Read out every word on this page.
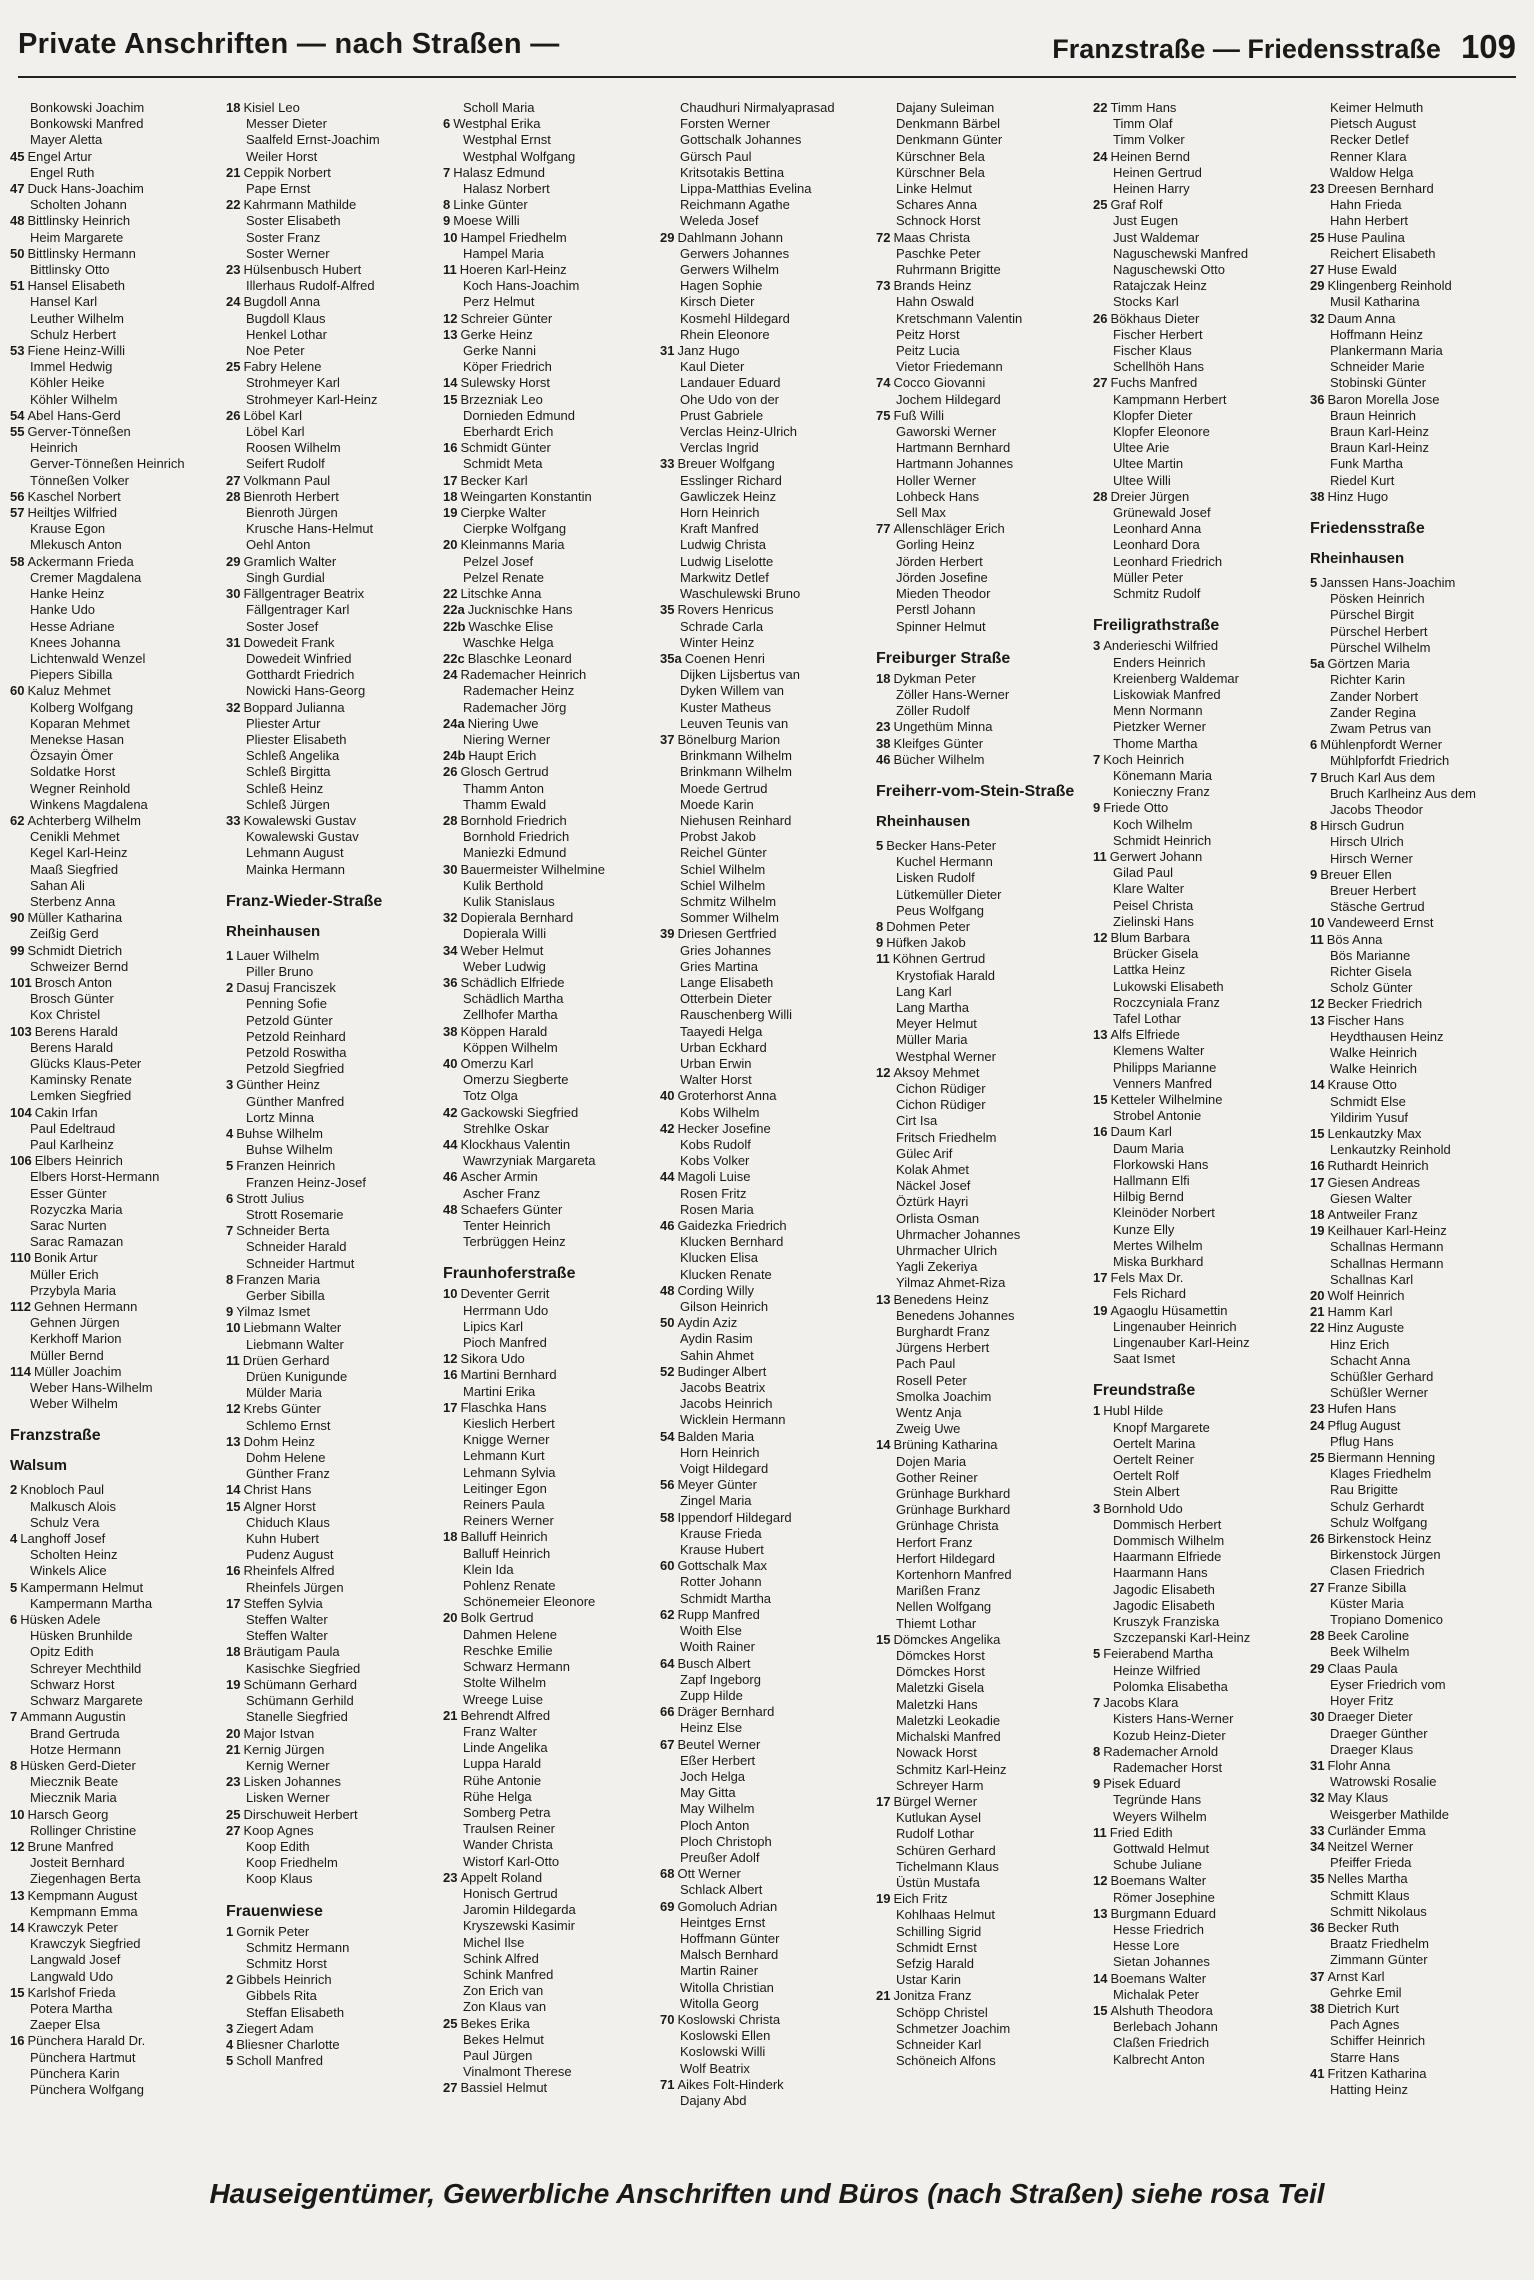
Private Anschriften — nach Straßen —	Franzstraße — Friedensstraße 109
Bonkowski Joachim
Bonkowski Manfred
Mayer Aletta
45 Engel Artur
Engel Ruth
47 Duck Hans-Joachim
Scholten Johann
48 Bittlinsky Heinrich
Heim Margarete
50 Bittlinsky Hermann
Bittlinsky Otto
51 Hansel Elisabeth
Hansel Karl
Leuther Wilhelm
Schulz Herbert
53 Fiene Heinz-Willi
Immel Hedwig
Köhler Heike
Köhler Wilhelm
54 Abel Hans-Gerd
55 Gerver-Tönneßen
Heinrich
Gerver-Tönneßen Heinrich
Tönneßen Volker
56 Kaschel Norbert
57 Heiltjes Wilfried
Krause Egon
Mlekusch Anton
58 Ackermann Frieda
Cremer Magdalena
Hanke Heinz
Hanke Udo
Hesse Adriane
Knees Johanna
Lichtenwald Wenzel
Piepers Sibilla
60 Kaluz Mehmet
Kolberg Wolfgang
Koparan Mehmet
Menekse Hasan
Özsayin Ömer
Soldatke Horst
Wegner Reinhold
Winkens Magdalena
62 Achterberg Wilhelm
Cenikli Mehmet
Kegel Karl-Heinz
Maaß Siegfried
Sahan Ali
Sterbenz Anna
90 Müller Katharina
Zeißig Gerd
99 Schmidt Dietrich
Schweizer Bernd
101 Brosch Anton
Brosch Günter
Kox Christel
103 Berens Harald
Berens Harald
Glücks Klaus-Peter
Kaminsky Renate
Lemken Siegfried
104 Cakin Irfan
Paul Edeltraud
Paul Karlheinz
106 Elbers Heinrich
Elbers Horst-Hermann
Esser Günter
Rozyczka Maria
Sarac Nurten
Sarac Ramazan
110 Bonik Artur
Müller Erich
Przybyla Maria
112 Gehnen Hermann
Gehnen Jürgen
Kerkhoff Marion
Müller Bernd
114 Müller Joachim
Weber Hans-Wilhelm
Weber Wilhelm
Franzstraße
Walsum
2 Knobloch Paul
Malkusch Alois
Schulz Vera
4 Langhoff Josef
Scholten Heinz
Winkels Alice
5 Kampermann Helmut
Kampermann Martha
6 Hüsken Adele
Hüsken Brunhilde
Opitz Edith
Schreyer Mechthild
Schwarz Horst
Schwarz Margarete
7 Ammann Augustin
Brand Gertruda
Hotze Hermann
8 Hüsken Gerd-Dieter
Miecznik Beate
Miecznik Maria
10 Harsch Georg
Rollinger Christine
12 Brune Manfred
Josteit Bernhard
Ziegenhagen Berta
13 Kempmann August
Kempmann Emma
14 Krawczyk Peter
Krawczyk Siegfried
Langwald Josef
Langwald Udo
15 Karlshof Frieda
Potera Martha
Zaeper Elsa
16 Pünchera Harald Dr.
Pünchera Hartmut
Pünchera Karin
Pünchera Wolfgang
18 Kisiel Leo
Messer Dieter
Saalfeld Ernst-Joachim
Weiler Horst
21 Ceppik Norbert
Pape Ernst
22 Kahrmann Mathilde
Soster Elisabeth
Soster Franz
Soster Werner
23 Hülsenbusch Hubert
Illerhaus Rudolf-Alfred
24 Bugdoll Anna
Bugdoll Klaus
Henkel Lothar
Noe Peter
25 Fabry Helene
Strohmeyer Karl
Strohmeyer Karl-Heinz
26 Löbel Karl
Löbel Karl
Roosen Wilhelm
Seifert Rudolf
27 Volkmann Paul
28 Bienroth Herbert
Bienroth Jürgen
Krusche Hans-Helmut
Oehl Anton
29 Gramlich Walter
Singh Gurdial
30 Fällgentrager Beatrix
Fällgentrager Karl
Soster Josef
31 Dowedeit Frank
Dowedeit Winfried
Gotthardt Friedrich
Nowicki Hans-Georg
32 Boppard Julianna
Pliester Artur
Pliester Elisabeth
Schleß Angelika
Schleß Birgitta
Schleß Heinz
Schleß Jürgen
33 Kowalewski Gustav
Kowalewski Gustav
Lehmann August
Mainka Hermann
Franz-Wieder-Straße
Rheinhausen
1 Lauer Wilhelm
Piller Bruno
2 Dasuj Franciszek
Penning Sofie
Petzold Günter
Petzold Reinhard
Petzold Roswitha
Petzold Siegfried
3 Günther Heinz
Günther Manfred
Lortz Minna
4 Buhse Wilhelm
Buhse Wilhelm
5 Franzen Heinrich
Franzen Heinz-Josef
6 Strott Julius
Strott Rosemarie
7 Schneider Berta
Schneider Harald
Schneider Hartmut
8 Franzen Maria
Gerber Sibilla
9 Yilmaz Ismet
10 Liebmann Walter
Liebmann Walter
11 Drüen Gerhard
Drüen Kunigunde
Mülder Maria
12 Krebs Günter
Schlemo Ernst
13 Dohm Heinz
Dohm Helene
Günther Franz
14 Christ Hans
15 Algner Horst
Chiduch Klaus
Kuhn Hubert
Pudenz August
16 Rheinfels Alfred
Rheinfels Jürgen
17 Steffen Sylvia
Steffen Walter
Steffen Walter
18 Bräutigam Paula
Kasischke Siegfried
19 Schümann Gerhard
Schümann Gerhild
Stanelle Siegfried
20 Major Istvan
21 Kernig Jürgen
Kernig Werner
23 Lisken Johannes
Lisken Werner
25 Dirschuweit Herbert
27 Koop Agnes
Koop Edith
Koop Friedhelm
Koop Klaus
Frauenwiese
1 Gornik Peter
Schmitz Hermann
Schmitz Horst
2 Gibbels Heinrich
Gibbels Rita
Steffan Elisabeth
3 Ziegert Adam
4 Bliesner Charlotte
5 Scholl Manfred
Scholl Maria
6 Westphal Erika
Westphal Ernst
Westphal Wolfgang
7 Halasz Edmund
Halasz Norbert
8 Linke Günter
9 Moese Willi
10 Hampel Friedhelm
Hampel Maria
11 Hoeren Karl-Heinz
Koch Hans-Joachim
Perz Helmut
12 Schreier Günter
13 Gerke Heinz
Gerke Nanni
Köper Friedrich
14 Sulewsky Horst
15 Brzezniak Leo
Dornieden Edmund
Eberhardt Erich
16 Schmidt Günter
Schmidt Meta
17 Becker Karl
18 Weingarten Konstantin
19 Cierpke Walter
Cierpke Wolfgang
20 Kleinmanns Maria
Pelzel Josef
Pelzel Renate
22 Litschke Anna
22a Jucknischke Hans
22b Waschke Elise
Waschke Helga
22c Blaschke Leonard
24 Rademacher Heinrich
Rademacher Heinz
Rademacher Jörg
24a Niering Uwe
Niering Werner
24b Haupt Erich
26 Glosch Gertrud
Thamm Anton
Thamm Ewald
28 Bornhold Friedrich
Bornhold Friedrich
Maniezki Edmund
30 Bauermeister Wilhelmine
Kulik Berthold
Kulik Stanislaus
32 Dopierala Bernhard
Dopierala Willi
34 Weber Helmut
Weber Ludwig
36 Schädlich Elfriede
Schädlich Martha
Zellhofer Martha
38 Köppen Harald
Köppen Wilhelm
40 Omerzu Karl
Omerzu Siegberte
Totz Olga
42 Gackowski Siegfried
Strehlke Oskar
44 Klockhaus Valentin
Wawrzyniak Margareta
46 Ascher Armin
Ascher Franz
48 Schaefers Günter
Tenter Heinrich
Terbrüggen Heinz
Fraunhoferstraße
10 Deventer Gerrit
Herrmann Udo
Lipics Karl
Pioch Manfred
12 Sikora Udo
16 Martini Bernhard
Martini Erika
17 Flaschka Hans
Kieslich Herbert
Knigge Werner
Lehmann Kurt
Lehmann Sylvia
Leitinger Egon
Reiners Paula
Reiners Werner
18 Balluff Heinrich
Balluff Heinrich
Klein Ida
Pohlenz Renate
Schönemeier Eleonore
20 Bolk Gertrud
Dahmen Helene
Reschke Emilie
Schwarz Hermann
Stolte Wilhelm
Wreege Luise
21 Behrendt Alfred
Franz Walter
Linde Angelika
Luppa Harald
Rühe Antonie
Rühe Helga
Somberg Petra
Traulsen Reiner
Wander Christa
Wistorf Karl-Otto
23 Appelt Roland
Honisch Gertrud
Jaromin Hildegarda
Kryszewski Kasimir
Michel Ilse
Schink Alfred
Schink Manfred
Zon Erich van
Zon Klaus van
25 Bekes Erika
Bekes Helmut
Paul Jürgen
Vinalmont Therese
27 Bassiel Helmut
Chaudhuri Nirmalyaprasad
Forsten Werner
Gottschalk Johannes
Gürsch Paul
Kritsotakis Bettina
Lippa-Matthias Evelina
Reichmann Agathe
Weleda Josef
29 Dahlmann Johann
Gerwers Johannes
Gerwers Wilhelm
Hagen Sophie
Kirsch Dieter
Kosmehl Hildegard
Rhein Eleonore
31 Janz Hugo
Kaul Dieter
Landauer Eduard
Ohe Udo von der
Prust Gabriele
Verclas Heinz-Ulrich
Verclas Ingrid
33 Breuer Wolfgang
Esslinger Richard
Gawliczek Heinz
Horn Heinrich
Kraft Manfred
Ludwig Christa
Ludwig Liselotte
Markwitz Detlef
Waschulewski Bruno
35 Rovers Henricus
Schrade Carla
Winter Heinz
35a Coenen Henri
Dijken Lijsbertus van
Dyken Willem van
Kuster Matheus
Leuven Teunis van
37 Bönelburg Marion
Brinkmann Wilhelm
Brinkmann Wilhelm
Moede Gertrud
Moede Karin
Niehusen Reinhard
Probst Jakob
Reichel Günter
Schiel Wilhelm
Schiel Wilhelm
Schmitz Wilhelm
Sommer Wilhelm
39 Driesen Gertfried
Gries Johannes
Gries Martina
Lange Elisabeth
Otterbein Dieter
Rauschenberg Willi
Taayedi Helga
Urban Eckhard
Urban Erwin
Walter Horst
40 Groterhorst Anna
Kobs Wilhelm
42 Hecker Josefine
Kobs Rudolf
Kobs Volker
44 Magoli Luise
Rosen Fritz
Rosen Maria
46 Gaidezka Friedrich
Klucken Bernhard
Klucken Elisa
Klucken Renate
48 Cording Willy
Gilson Heinrich
50 Aydin Aziz
Aydin Rasim
Sahin Ahmet
52 Budinger Albert
Jacobs Beatrix
Jacobs Heinrich
Wicklein Hermann
54 Balden Maria
Horn Heinrich
Voigt Hildegard
56 Meyer Günter
Zingel Maria
58 Ippendorf Hildegard
Krause Frieda
Krause Hubert
60 Gottschalk Max
Rotter Johann
Schmidt Martha
62 Rupp Manfred
Woith Else
Woith Rainer
64 Busch Albert
Zapf Ingeborg
Zupp Hilde
66 Dräger Bernhard
Heinz Else
67 Beutel Werner
Eßer Herbert
Joch Helga
May Gitta
May Wilhelm
Ploch Anton
Ploch Christoph
Preußer Adolf
68 Ott Werner
Schlack Albert
69 Gomoluch Adrian
Heintges Ernst
Hoffmann Günter
Malsch Bernhard
Martin Rainer
Witolla Christian
Witolla Georg
70 Koslowski Christa
Koslowski Ellen
Koslowski Willi
Wolf Beatrix
71 Aikes Folt-Hinderk
Dajany Abd
Dajany Suleiman
Denkmann Bärbel
Denkmann Günter
Kürschner Bela
Kürschner Bela
Linke Helmut
Schares Anna
Schnock Horst
72 Maas Christa
Paschke Peter
Ruhrmann Brigitte
73 Brands Heinz
Hahn Oswald
Kretschmann Valentin
Peitz Horst
Peitz Lucia
Vietor Friedemann
74 Cocco Giovanni
Jochem Hildegard
75 Fuß Willi
Gaworski Werner
Hartmann Bernhard
Hartmann Johannes
Holler Werner
Lohbeck Hans
Sell Max
77 Allenschläger Erich
Gorling Heinz
Jörden Herbert
Jörden Josefine
Mieden Theodor
Perstl Johann
Spinner Helmut
Freiburger Straße
18 Dykman Peter
Zöller Hans-Werner
Zöller Rudolf
23 Ungethüm Minna
38 Kleifges Günter
46 Bücher Wilhelm
Freiherr-vom-Stein-Straße
Rheinhausen
5 Becker Hans-Peter
Kuchel Hermann
Lisken Rudolf
Lütkemüller Dieter
Peus Wolfgang
8 Dohmen Peter
9 Hüfken Jakob
11 Köhnen Gertrud
Krystofiak Harald
Lang Karl
Lang Martha
Meyer Helmut
Müller Maria
Westphal Werner
12 Aksoy Mehmet
Cichon Rüdiger
Cichon Rüdiger
Cirt Isa
Fritsch Friedhelm
Gülec Arif
Kolak Ahmet
Näckel Josef
Öztürk Hayri
Orlista Osman
Uhrmacher Johannes
Uhrmacher Ulrich
Yagli Zekeriya
Yilmaz Ahmet-Riza
13 Benedens Heinz
Benedens Johannes
Burghardt Franz
Jürgens Herbert
Pach Paul
Rosell Peter
Smolka Joachim
Wentz Anja
Zweig Uwe
14 Brüning Katharina
Dojen Maria
Gother Reiner
Grünhage Burkhard
Grünhage Burkhard
Grünhage Christa
Herfort Franz
Herfort Hildegard
Kortenhorn Manfred
Marißen Franz
Nellen Wolfgang
Thiemt Lothar
15 Dömckes Angelika
Dömckes Horst
Dömckes Horst
Maletzki Gisela
Maletzki Hans
Maletzki Leokadie
Michalski Manfred
Nowack Horst
Schmitz Karl-Heinz
Schreyer Harm
17 Bürgel Werner
Kutlukan Aysel
Rudolf Lothar
Schüren Gerhard
Tichelmann Klaus
Üstün Mustafa
19 Eich Fritz
Kohlhaas Helmut
Schilling Sigrid
Schmidt Ernst
Sefzig Harald
Ustar Karin
21 Jonitza Franz
Schöpp Christel
Schmetzer Joachim
Schneider Karl
Schöneich Alfons
22 Timm Hans
Timm Olaf
Timm Volker
24 Heinen Bernd
Heinen Gertrud
Heinen Harry
25 Graf Rolf
Just Eugen
Just Waldemar
Naguschewski Manfred
Naguschewski Otto
Ratajczak Heinz
Stocks Karl
26 Bökhaus Dieter
Fischer Herbert
Fischer Klaus
Schellhöh Hans
27 Fuchs Manfred
Kampmann Herbert
Klopfer Dieter
Klopfer Eleonore
Ultee Arie
Ultee Martin
Ultee Willi
28 Dreier Jürgen
Grünewald Josef
Leonhard Anna
Leonhard Dora
Leonhard Friedrich
Müller Peter
Schmitz Rudolf
Freiligrathstraße
3 Anderieschi Wilfried
Enders Heinrich
Kreienberg Waldemar
Liskowiak Manfred
Menn Normann
Pietzker Werner
Thome Martha
7 Koch Heinrich
Könemann Maria
Konieczny Franz
9 Friede Otto
Koch Wilhelm
Schmidt Heinrich
11 Gerwert Johann
Gilad Paul
Klare Walter
Peisel Christa
Zielinski Hans
12 Blum Barbara
Brücker Gisela
Lattka Heinz
Lukowski Elisabeth
Roczcyniala Franz
Tafel Lothar
13 Alfs Elfriede
Klemens Walter
Philipps Marianne
Venners Manfred
15 Ketteler Wilhelmine
Strobel Antonie
16 Daum Karl
Daum Maria
Florkowski Hans
Hallmann Elfi
Hilbig Bernd
Kleinöder Norbert
Kunze Elly
Mertes Wilhelm
Miska Burkhard
17 Fels Max Dr.
Fels Richard
19 Agaoglu Hüsamettin
Lingenauber Heinrich
Lingenauber Karl-Heinz
Saat Ismet
Freundstraße
1 Hubl Hilde
Knopf Margarete
Oertelt Marina
Oertelt Reiner
Oertelt Rolf
Stein Albert
3 Bornhold Udo
Dommisch Herbert
Dommisch Wilhelm
Haarmann Elfriede
Haarmann Hans
Jagodic Elisabeth
Jagodic Elisabeth
Kruszyk Franziska
Szczepanski Karl-Heinz
5 Feierabend Martha
Heinze Wilfried
Polomka Elisabetha
7 Jacobs Klara
Kisters Hans-Werner
Kozub Heinz-Dieter
8 Rademacher Arnold
Rademacher Horst
9 Pisek Eduard
Tegründe Hans
Weyers Wilhelm
11 Fried Edith
Gottwald Helmut
Schube Juliane
12 Boemans Walter
Römer Josephine
13 Burgmann Eduard
Hesse Friedrich
Hesse Lore
Sietan Johannes
14 Boemans Walter
Michalak Peter
15 Alshuth Theodora
Berlebach Johann
Claßen Friedrich
Kalbrecht Anton
Keimer Helmuth
Pietsch August
Recker Detlef
Renner Klara
Waldow Helga
23 Dreesen Bernhard
Hahn Frieda
Hahn Herbert
25 Huse Paulina
Reichert Elisabeth
27 Huse Ewald
29 Klingenberg Reinhold
Musil Katharina
32 Daum Anna
Hoffmann Heinz
Plankermann Maria
Schneider Marie
Stobinski Günter
36 Baron Morella Jose
Braun Heinrich
Braun Karl-Heinz
Braun Karl-Heinz
Funk Martha
Riedel Kurt
38 Hinz Hugo
Friedensstraße
Rheinhausen
5 Janssen Hans-Joachim
Pösken Heinrich
Pürschel Birgit
Pürschel Herbert
Pürschel Wilhelm
5a Görtzen Maria
Richter Karin
Zander Norbert
Zander Regina
Zwam Petrus van
6 Mühlenpfordt Werner
Mühlpforfdt Friedrich
7 Bruch Karl Aus dem
Bruch Karlheinz Aus dem
Jacobs Theodor
8 Hirsch Gudrun
Hirsch Ulrich
Hirsch Werner
9 Breuer Ellen
Breuer Herbert
Stäsche Gertrud
10 Vandeweerd Ernst
11 Bös Anna
Bös Marianne
Richter Gisela
Scholz Günter
12 Becker Friedrich
13 Fischer Hans
Heydthausen Heinz
Walke Heinrich
Walke Heinrich
14 Krause Otto
Schmidt Else
Yildirim Yusuf
15 Lenkautzky Max
Lenkautzky Reinhold
16 Ruthardt Heinrich
17 Giesen Andreas
Giesen Walter
18 Antweiler Franz
19 Keilhauer Karl-Heinz
Schallnas Hermann
Schallnas Hermann
Schallnas Karl
20 Wolf Heinrich
21 Hamm Karl
22 Hinz Auguste
Hinz Erich
Schacht Anna
Schüßler Gerhard
Schüßler Werner
23 Hufen Hans
24 Pflug August
Pflug Hans
25 Biermann Henning
Klages Friedhelm
Rau Brigitte
Schulz Gerhardt
Schulz Wolfgang
26 Birkenstock Heinz
Birkenstock Jürgen
Clasen Friedrich
27 Franze Sibilla
Küster Maria
Tropiano Domenico
28 Beek Caroline
Beek Wilhelm
29 Claas Paula
Eyser Friedrich vom
Hoyer Fritz
30 Draeger Dieter
Draeger Günther
Draeger Klaus
31 Flohr Anna
Watrowski Rosalie
32 May Klaus
Weisgerber Mathilde
33 Curländer Emma
34 Neitzel Werner
Pfeiffer Frieda
35 Nelles Martha
Schmitt Klaus
Schmitt Nikolaus
36 Becker Ruth
Braatz Friedhelm
Zimmann Günter
37 Arnst Karl
Gehrke Emil
38 Dietrich Kurt
Pach Agnes
Schiffer Heinrich
Starre Hans
41 Fritzen Katharina
Hatting Heinz
Hauseigentümer, Gewerbliche Anschriften und Büros (nach Straßen) siehe rosa Teil
